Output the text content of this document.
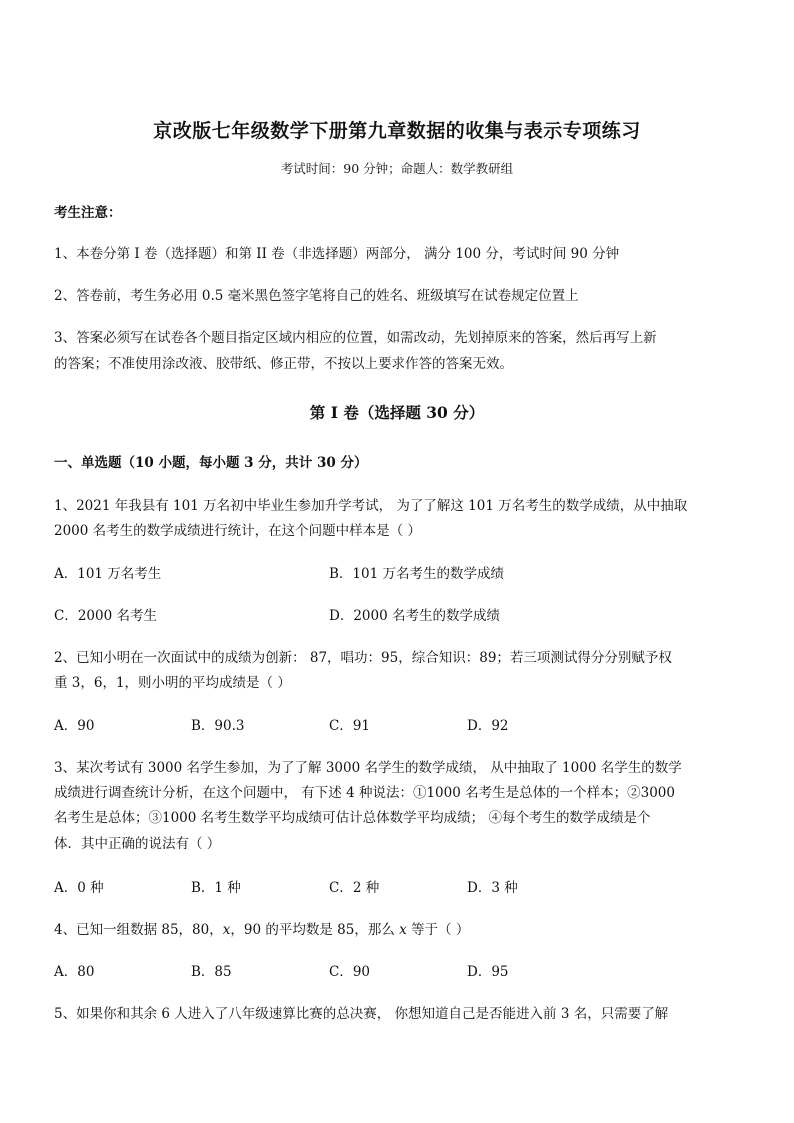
京改版七年级数学下册第九章数据的收集与表示专项练习
考试时间：90 分钟；命题人：数学教研组
考生注意：
1、本卷分第 I 卷（选择题）和第 II 卷（非选择题）两部分， 满分 100 分，考试时间 90 分钟
2、答卷前，考生务必用 0.5 毫米黑色签字笔将自己的姓名、班级填写在试卷规定位置上
3、答案必须写在试卷各个题目指定区域内相应的位置，如需改动，先划掉原来的答案，然后再写上新
的答案；不准使用涂改液、胶带纸、修正带，不按以上要求作答的答案无效。
第 I 卷（选择题 30 分）
一、单选题（10 小题，每小题 3 分，共计 30 分）
1、2021 年我县有 101 万名初中毕业生参加升学考试， 为了了解这 101 万名考生的数学成绩，从中抽取
2000 名考生的数学成绩进行统计，在这个问题中样本是（ ）
A．101 万名考生	B．101 万名考生的数学成绩
C．2000 名考生	D．2000 名考生的数学成绩
2、已知小明在一次面试中的成绩为创新： 87，唱功：95，综合知识：89；若三项测试得分分别赋予权
重 3，6，1，则小明的平均成绩是（ ）
A．90	B．90.3	C．91	D．92
3、某次考试有 3000 名学生参加，为了了解 3000 名学生的数学成绩， 从中抽取了 1000 名学生的数学
成绩进行调查统计分析，在这个问题中， 有下述 4 种说法：①1000 名考生是总体的一个样本；②3000
名考生是总体；③1000 名考生数学平均成绩可估计总体数学平均成绩； ④每个考生的数学成绩是个
体．其中正确的说法有（ ）
A．0 种	B．1 种	C．2 种	D．3 种
4、已知一组数据 85，80，x，90 的平均数是 85，那么 x 等于（ ）
A．80	B．85	C．90	D．95
5、如果你和其余 6 人进入了八年级速算比赛的总决赛， 你想知道自己是否能进入前 3 名，只需要了解
